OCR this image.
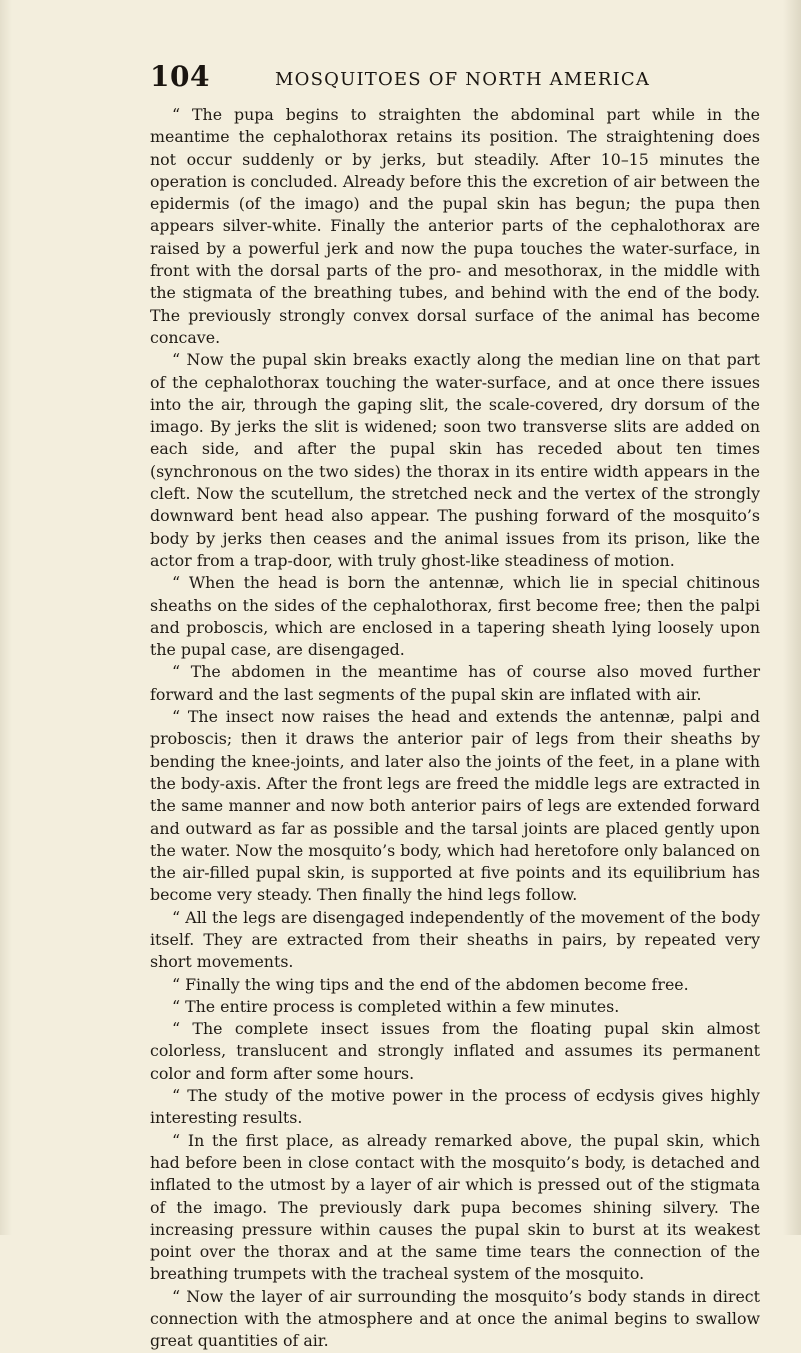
104	MOSQUITOES OF NORTH AMERICA

“ The pupa begins to straighten the abdominal part while in the meantime the cephalothorax retains its position. The straightening does not occur suddenly or by jerks, but steadily. After 10–15 minutes the operation is concluded. Already before this the excretion of air between the epidermis (of the imago) and the pupal skin has begun; the pupa then appears silver-white. Finally the anterior parts of the cephalothorax are raised by a powerful jerk and now the pupa touches the water-surface, in front with the dorsal parts of the pro- and mesothorax, in the middle with the stigmata of the breathing tubes, and behind with the end of the body. The previously strongly convex dorsal surface of the animal has become concave.

“ Now the pupal skin breaks exactly along the median line on that part of the cephalothorax touching the water-surface, and at once there issues into the air, through the gaping slit, the scale-covered, dry dorsum of the imago. By jerks the slit is widened; soon two transverse slits are added on each side, and after the pupal skin has receded about ten times (synchronous on the two sides) the thorax in its entire width appears in the cleft. Now the scutellum, the stretched neck and the vertex of the strongly downward bent head also appear. The pushing forward of the mosquito’s body by jerks then ceases and the animal issues from its prison, like the actor from a trap-door, with truly ghost-like steadiness of motion.

“ When the head is born the antennæ, which lie in special chitinous sheaths on the sides of the cephalothorax, first become free; then the palpi and proboscis, which are enclosed in a tapering sheath lying loosely upon the pupal case, are disengaged.

“ The abdomen in the meantime has of course also moved further forward and the last segments of the pupal skin are inflated with air.

“ The insect now raises the head and extends the antennæ, palpi and proboscis; then it draws the anterior pair of legs from their sheaths by bending the knee-joints, and later also the joints of the feet, in a plane with the body-axis. After the front legs are freed the middle legs are extracted in the same manner and now both anterior pairs of legs are extended forward and outward as far as possible and the tarsal joints are placed gently upon the water. Now the mosquito’s body, which had heretofore only balanced on the air-filled pupal skin, is supported at five points and its equilibrium has become very steady. Then finally the hind legs follow.

“ All the legs are disengaged independently of the movement of the body itself. They are extracted from their sheaths in pairs, by repeated very short movements.

“ Finally the wing tips and the end of the abdomen become free.

“ The entire process is completed within a few minutes.

“ The complete insect issues from the floating pupal skin almost colorless, translucent and strongly inflated and assumes its permanent color and form after some hours.

“ The study of the motive power in the process of ecdysis gives highly interesting results.

“ In the first place, as already remarked above, the pupal skin, which had before been in close contact with the mosquito’s body, is detached and inflated to the utmost by a layer of air which is pressed out of the stigmata of the imago. The previously dark pupa becomes shining silvery. The increasing pressure within causes the pupal skin to burst at its weakest point over the thorax and at the same time tears the connection of the breathing trumpets with the tracheal system of the mosquito.

“ Now the layer of air surrounding the mosquito’s body stands in direct connection with the atmosphere and at once the animal begins to swallow great quantities of air.
